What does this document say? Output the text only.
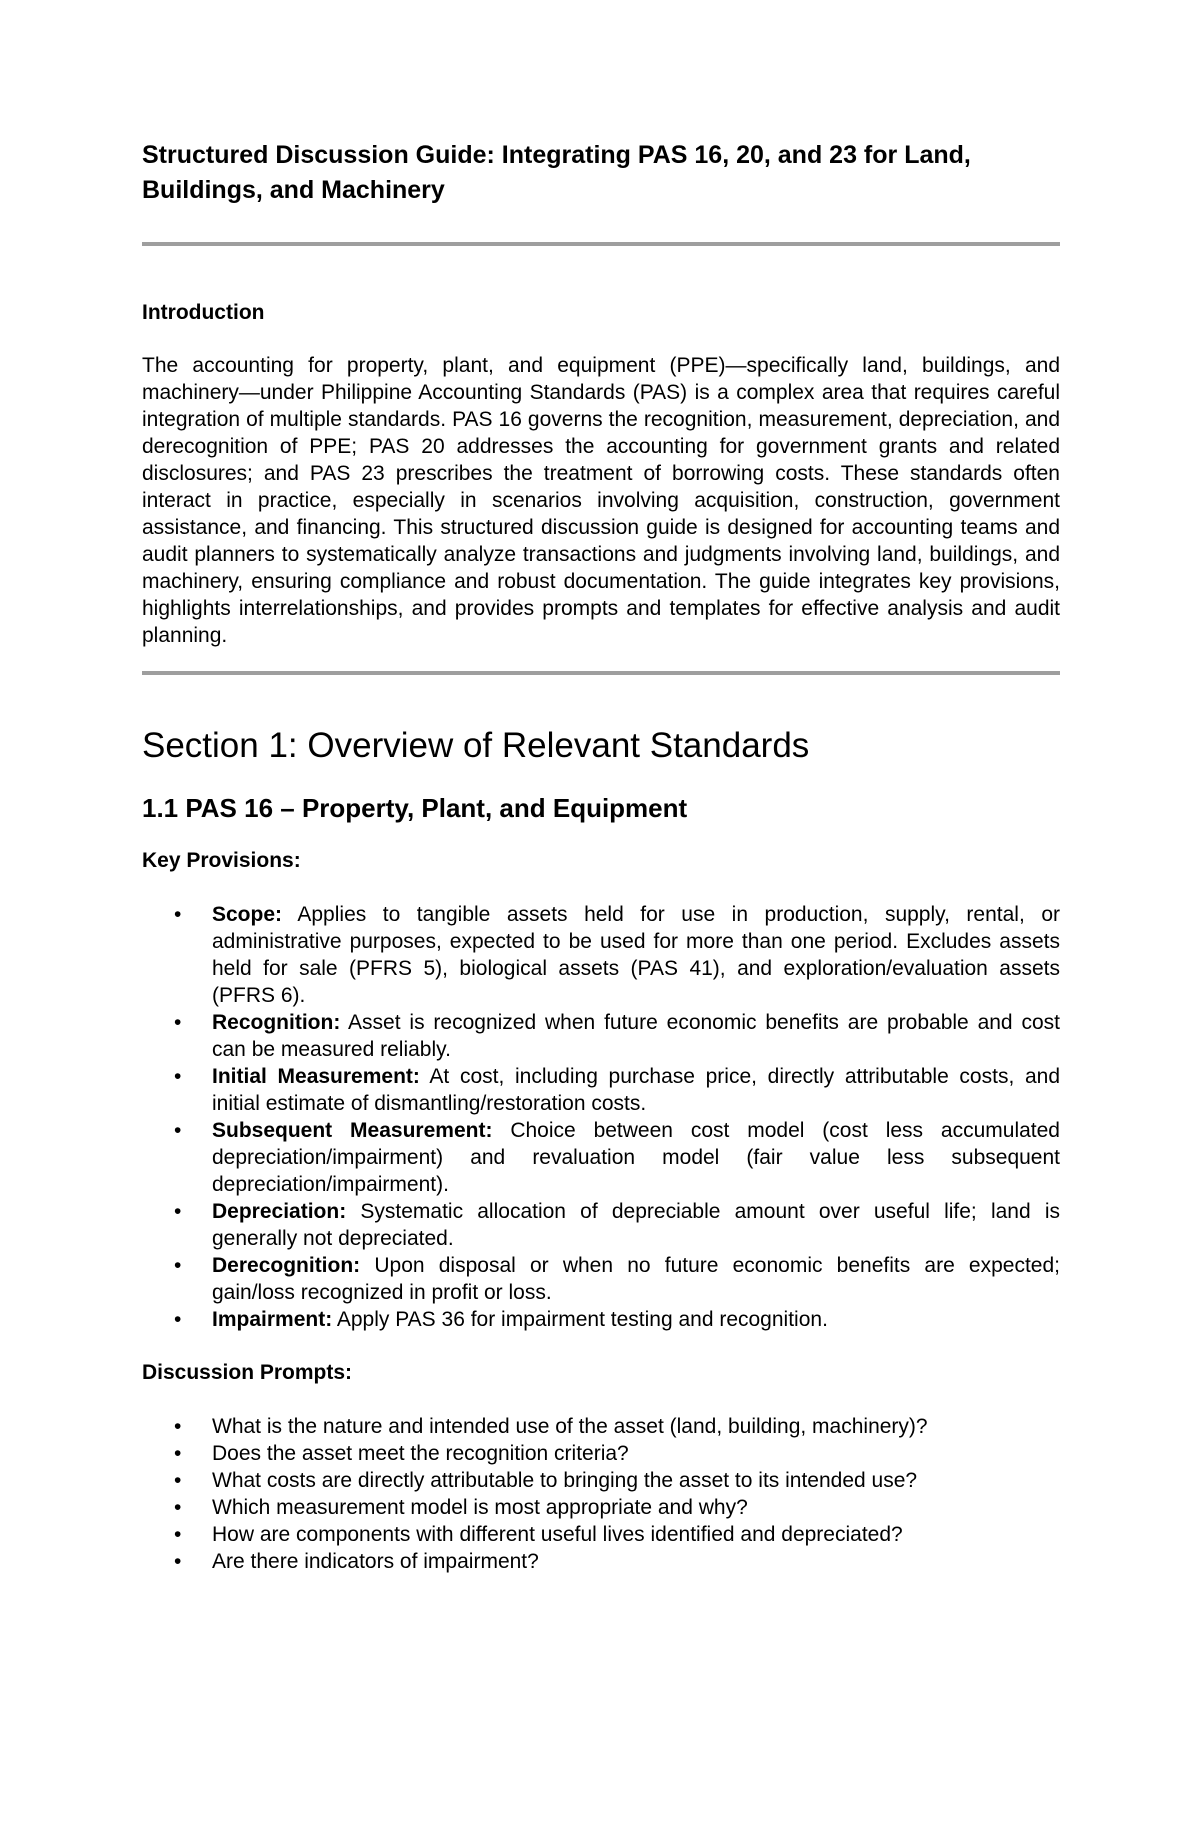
Structured Discussion Guide: Integrating PAS 16, 20, and 23 for Land, Buildings, and Machinery
Introduction

The accounting for property, plant, and equipment (PPE)—specifically land, buildings, and machinery—under Philippine Accounting Standards (PAS) is a complex area that requires careful integration of multiple standards. PAS 16 governs the recognition, measurement, depreciation, and derecognition of PPE; PAS 20 addresses the accounting for government grants and related disclosures; and PAS 23 prescribes the treatment of borrowing costs. These standards often interact in practice, especially in scenarios involving acquisition, construction, government assistance, and financing. This structured discussion guide is designed for accounting teams and audit planners to systematically analyze transactions and judgments involving land, buildings, and machinery, ensuring compliance and robust documentation. The guide integrates key provisions, highlights interrelationships, and provides prompts and templates for effective analysis and audit planning.

Section 1: Overview of Relevant Standards
1.1 PAS 16 – Property, Plant, and Equipment
Key Provisions:
• Scope: Applies to tangible assets held for use in production, supply, rental, or administrative purposes, expected to be used for more than one period. Excludes assets held for sale (PFRS 5), biological assets (PAS 41), and exploration/evaluation assets (PFRS 6).
• Recognition: Asset is recognized when future economic benefits are probable and cost can be measured reliably.
• Initial Measurement: At cost, including purchase price, directly attributable costs, and initial estimate of dismantling/restoration costs.
• Subsequent Measurement: Choice between cost model (cost less accumulated depreciation/impairment) and revaluation model (fair value less subsequent depreciation/impairment).
• Depreciation: Systematic allocation of depreciable amount over useful life; land is generally not depreciated.
• Derecognition: Upon disposal or when no future economic benefits are expected; gain/loss recognized in profit or loss.
• Impairment: Apply PAS 36 for impairment testing and recognition.
Discussion Prompts:
• What is the nature and intended use of the asset (land, building, machinery)?
• Does the asset meet the recognition criteria?
• What costs are directly attributable to bringing the asset to its intended use?
• Which measurement model is most appropriate and why?
• How are components with different useful lives identified and depreciated?
• Are there indicators of impairment?
